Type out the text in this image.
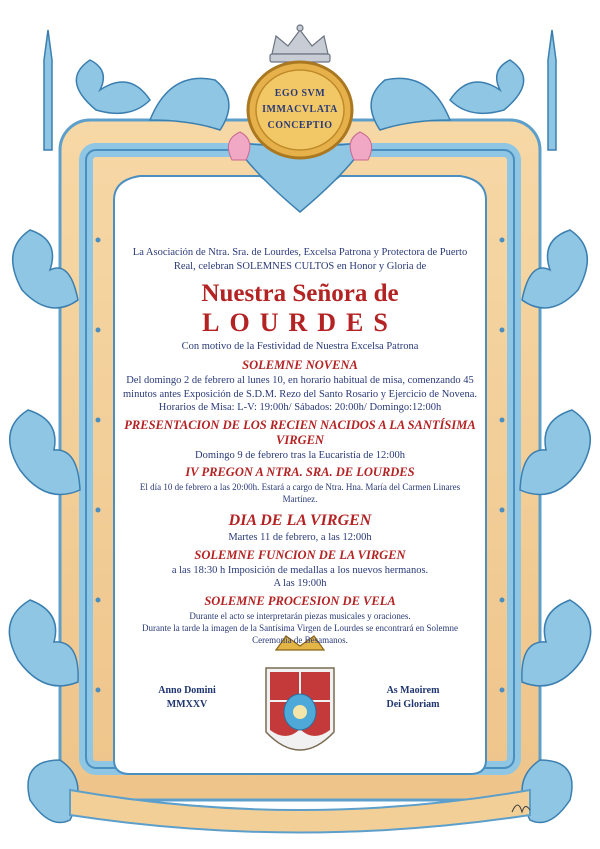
EGO SVM
IMMACVLATA
CONCEPTIO

La Asociación de Ntra. Sra. de Lourdes, Excelsa Patrona y Protectora de Puerto Real, celebran SOLEMNES CULTOS en Honor y Gloria de

Nuestra Señora de

LOURDES

Con motivo de la Festividad de Nuestra Excelsa Patrona

SOLEMNE NOVENA

Del domingo 2 de febrero al lunes 10, en horario habitual de misa, comenzando 45 minutos antes Exposición de S.D.M. Rezo del Santo Rosario y Ejercicio de Novena.

Horarios de Misa: L-V: 19:00h/ Sábados: 20:00h/ Domingo:12:00h

PRESENTACION DE LOS RECIEN NACIDOS A LA SANTÍSIMA VIRGEN

Domingo 9 de febrero tras la Eucaristía de 12:00h

IV PREGON A NTRA. SRA. DE LOURDES

El día 10 de febrero a las 20:00h. Estará a cargo de Ntra. Hna. María del Carmen Linares Martínez.

DIA DE LA VIRGEN

Martes 11 de febrero, a las 12:00h

SOLEMNE FUNCION DE LA VIRGEN

a las 18:30 h Imposición de medallas a los nuevos hermanos.

A las 19:00h

SOLEMNE PROCESION DE VELA

Durante el acto se interpretarán piezas musicales y oraciones.

Durante la tarde la imagen de la Santísima Virgen de Lourdes se encontrará en Solemne Ceremonia de Besamanos.

Anno Domini
MMXXV
As Maoirem
Dei Gloriam
